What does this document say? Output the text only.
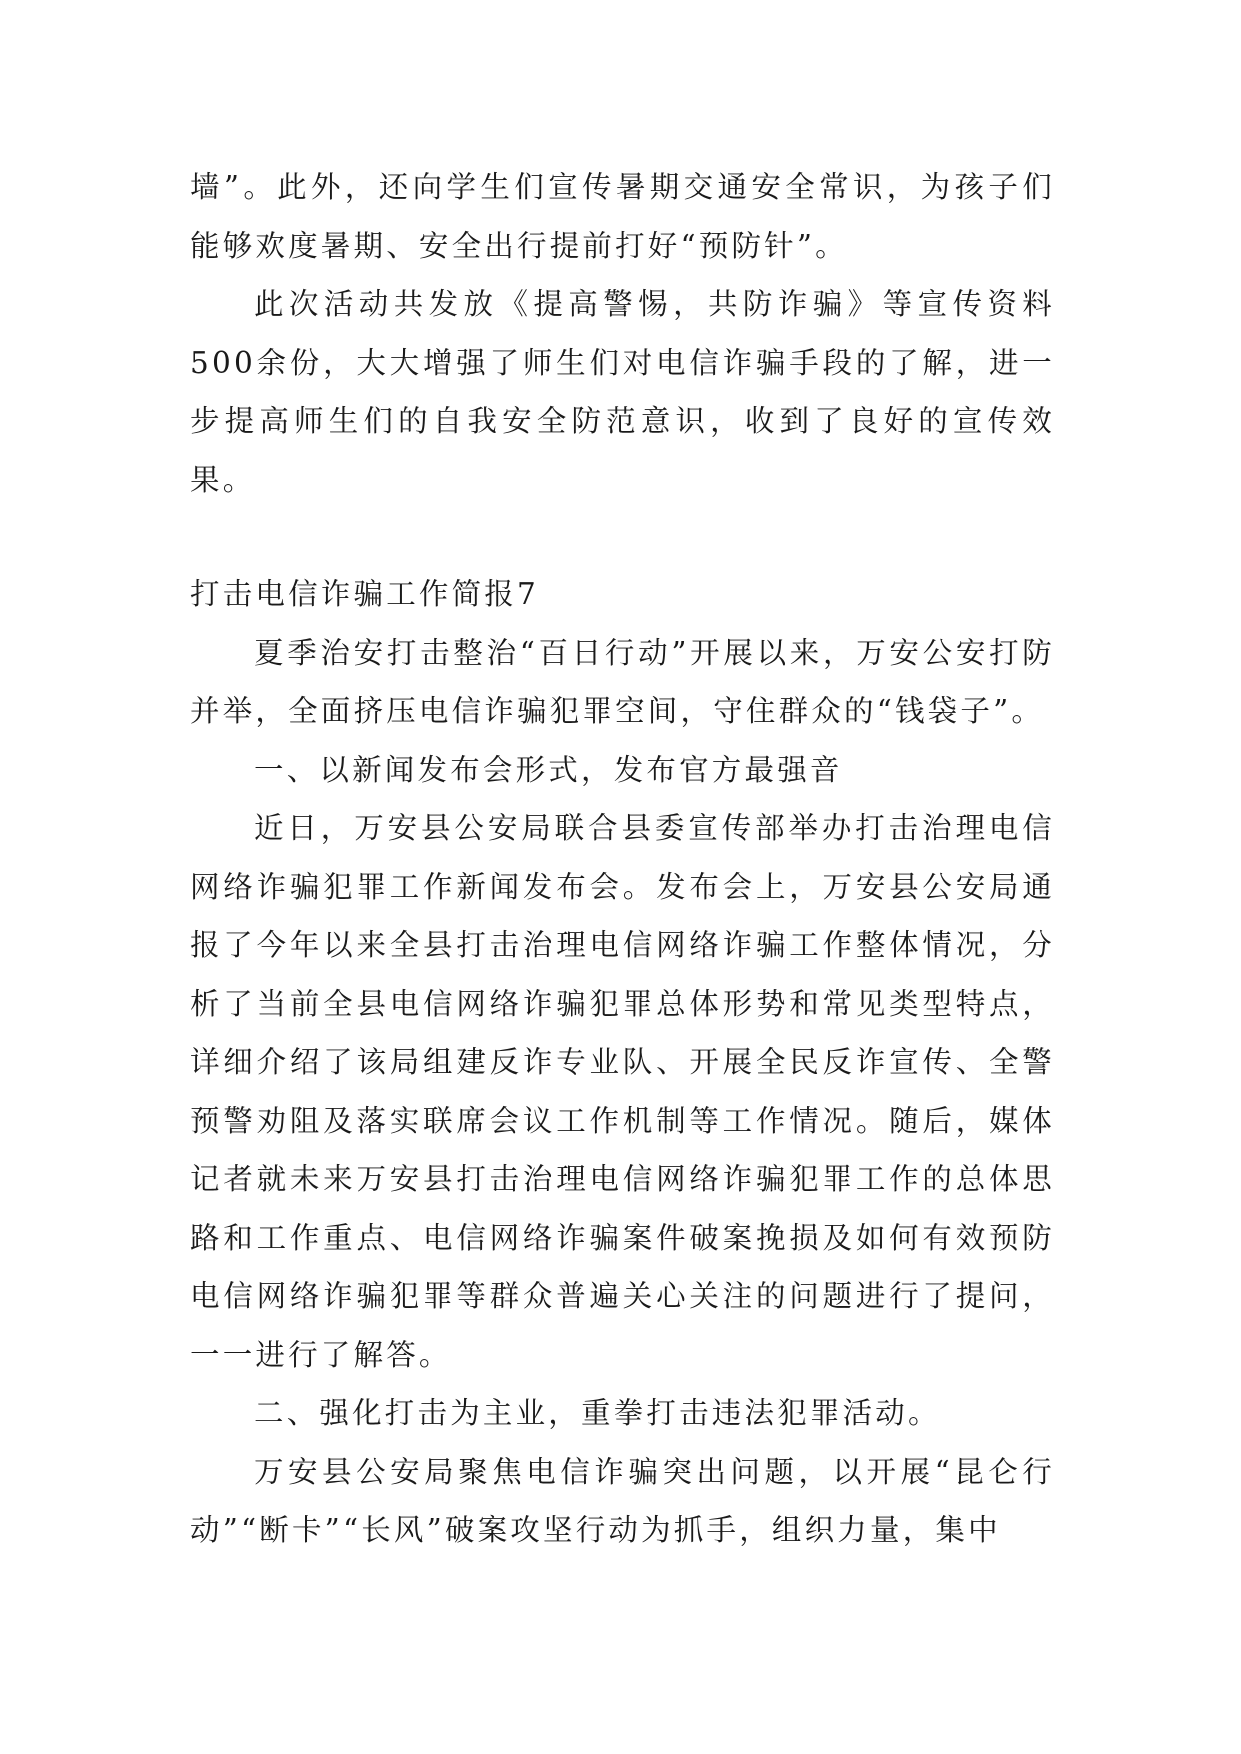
墙”。此外，还向学生们宣传暑期交通安全常识，为孩子们能够欢度暑期、安全出行提前打好“预防针”。

此次活动共发放《提高警惕，共防诈骗》等宣传资料500余份，大大增强了师生们对电信诈骗手段的了解，进一步提高师生们的自我安全防范意识，收到了良好的宣传效果。

打击电信诈骗工作简报7

夏季治安打击整治“百日行动”开展以来，万安公安打防并举，全面挤压电信诈骗犯罪空间，守住群众的“钱袋子”。

一、以新闻发布会形式，发布官方最强音

近日，万安县公安局联合县委宣传部举办打击治理电信网络诈骗犯罪工作新闻发布会。发布会上，万安县公安局通报了今年以来全县打击治理电信网络诈骗工作整体情况，分析了当前全县电信网络诈骗犯罪总体形势和常见类型特点，详细介绍了该局组建反诈专业队、开展全民反诈宣传、全警预警劝阻及落实联席会议工作机制等工作情况。随后，媒体记者就未来万安县打击治理电信网络诈骗犯罪工作的总体思路和工作重点、电信网络诈骗案件破案挽损及如何有效预防电信网络诈骗犯罪等群众普遍关心关注的问题进行了提问，一一进行了解答。

二、强化打击为主业，重拳打击违法犯罪活动。

万安县公安局聚焦电信诈骗突出问题，以开展“昆仑行动”“断卡”“长风”破案攻坚行动为抓手，组织力量，集中
